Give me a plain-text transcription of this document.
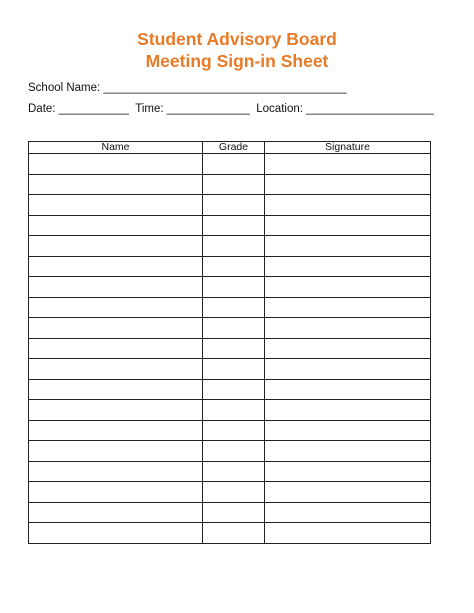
Student Advisory Board
Meeting Sign-in Sheet
School Name: ______________________________________
Date: ___________  Time: _____________  Location: ____________________
Name	Grade	Signature
